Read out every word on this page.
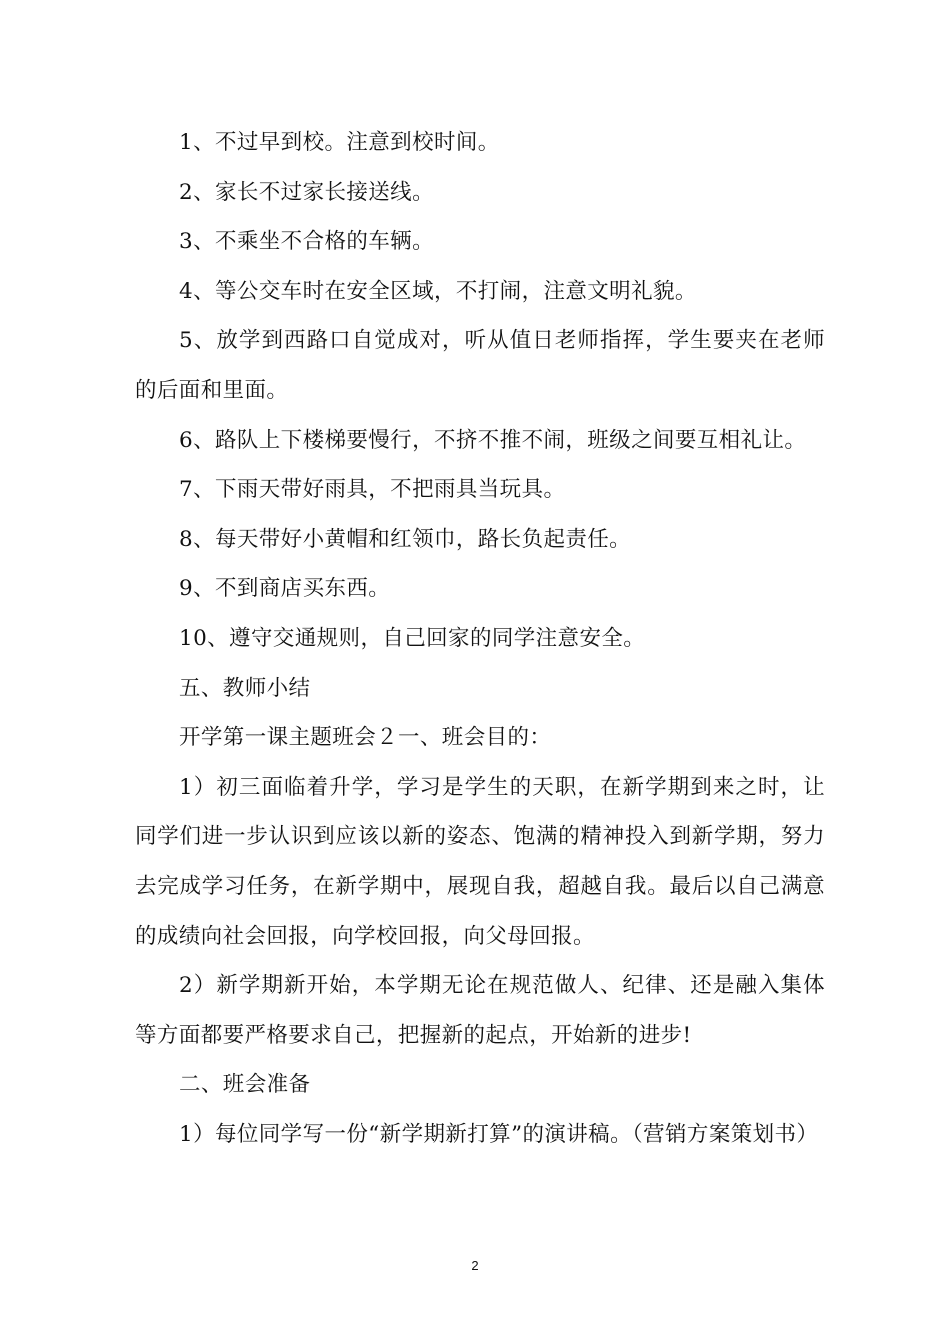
1、不过早到校。注意到校时间。

2、家长不过家长接送线。

3、不乘坐不合格的车辆。

4、等公交车时在安全区域，不打闹，注意文明礼貌。

5、放学到西路口自觉成对，听从值日老师指挥，学生要夹在老师的后面和里面。

6、路队上下楼梯要慢行，不挤不推不闹，班级之间要互相礼让。

7、下雨天带好雨具，不把雨具当玩具。

8、每天带好小黄帽和红领巾，路长负起责任。

9、不到商店买东西。

10、遵守交通规则，自己回家的同学注意安全。

五、教师小结

开学第一课主题班会２一、班会目的：

1）初三面临着升学，学习是学生的天职，在新学期到来之时，让同学们进一步认识到应该以新的姿态、饱满的精神投入到新学期，努力去完成学习任务，在新学期中，展现自我，超越自我。最后以自己满意的成绩向社会回报，向学校回报，向父母回报。

2）新学期新开始，本学期无论在规范做人、纪律、还是融入集体等方面都要严格要求自己，把握新的起点，开始新的进步!

二、班会准备

1）每位同学写一份“新学期新打算”的演讲稿。（营销方案策划书）

2
